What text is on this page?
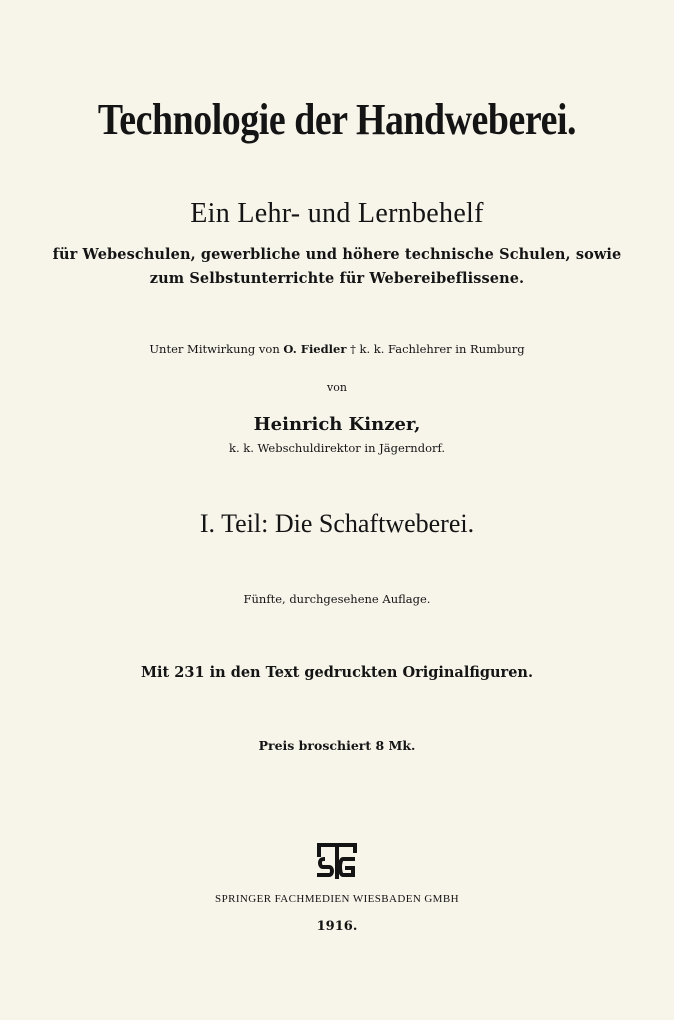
Technologie der Handweberei.
Ein Lehr- und Lernbehelf
für Webeschulen, gewerbliche und höhere technische Schulen, sowie
zum Selbstunterrichte für Webereibeflissene.
Unter Mitwirkung von O. Fiedler † k. k. Fachlehrer in Rumburg
von
Heinrich Kinzer,
k. k. Webschuldirektor in Jägerndorf.
I. Teil: Die Schaftweberei.
Fünfte, durchgesehene Auflage.
Mit 231 in den Text gedruckten Originalfiguren.
Preis broschiert 8 Mk.
SPRINGER FACHMEDIEN WIESBADEN GMBH
1916.
